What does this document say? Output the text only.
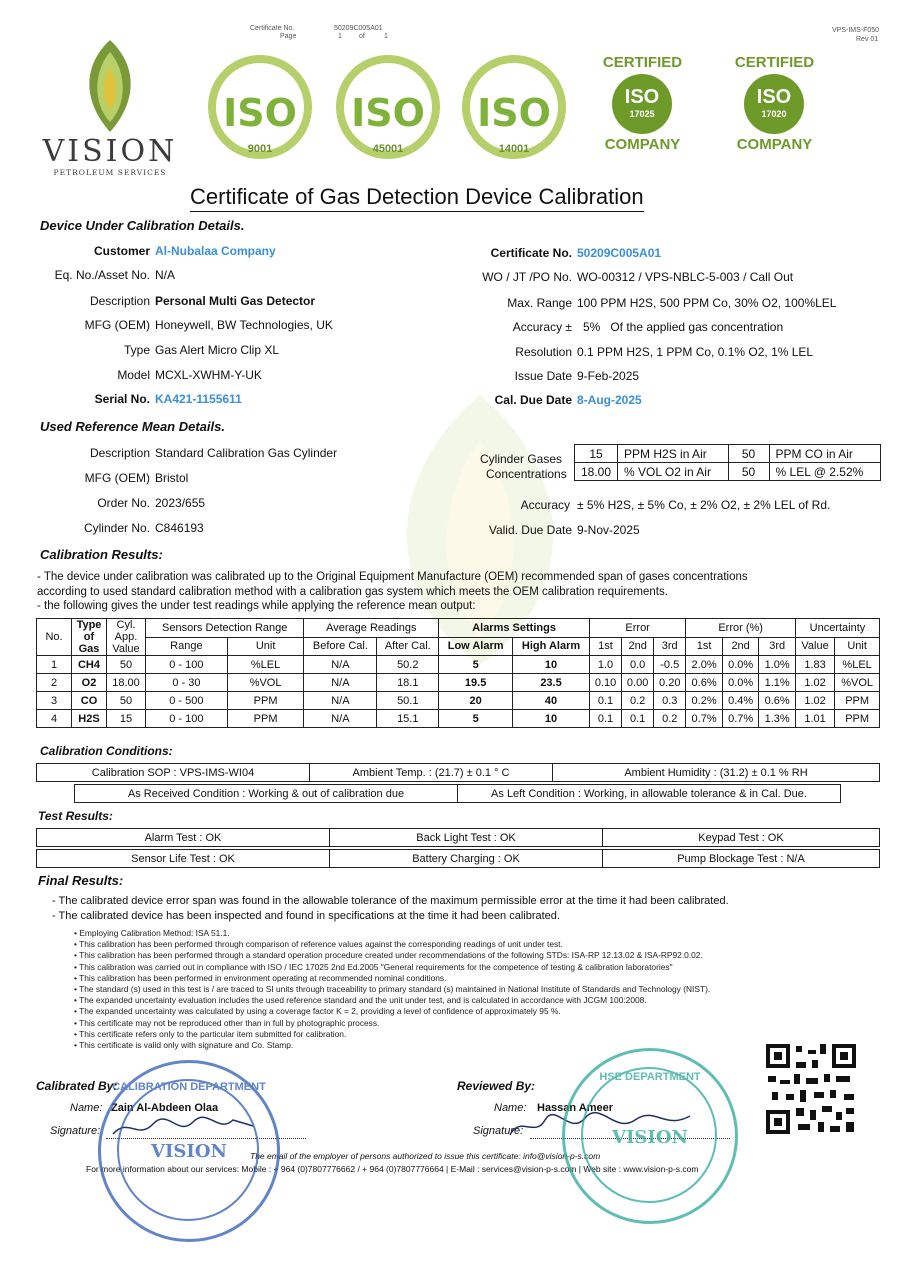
Certificate No.	50209C005A01
Page	1 of	1
VPS-IMS-F050
Rev 01
VISION
PETROLEUM SERVICES
ISO
9001
ISO
45001
ISO
14001
CERTIFIED
ISO
17025
COMPANY
CERTIFIED
ISO
17020
COMPANY
Certificate of Gas Detection Device Calibration
Device Under Calibration Details.
Customer Al-Nubalaa Company
Eq. No./Asset No. N/A
Description Personal Multi Gas Detector
MFG (OEM) Honeywell, BW Technologies, UK
Type Gas Alert Micro Clip XL
Model MCXL-XWHM-Y-UK
Serial No. KA421-1155611
Certificate No. 50209C005A01
WO / JT /PO No. WO-00312 / VPS-NBLC-5-003 / Call Out
Max. Range 100 PPM H2S, 500 PPM Co, 30% O2, 100%LEL
Accuracy ± 5%   Of the applied gas concentration
Resolution 0.1 PPM H2S, 1 PPM Co, 0.1% O2, 1% LEL
Issue Date 9-Feb-2025
Cal. Due Date 8-Aug-2025
Used Reference Mean Details.
Description Standard Calibration Gas Cylinder
MFG (OEM) Bristol
Order No. 2023/655
Cylinder No. C846193
Cylinder Gases
Concentrations
15	PPM H2S in Air	50	PPM CO in Air
18.00	% VOL O2 in Air	50	% LEL @ 2.52%
Accuracy ± 5% H2S, ± 5% Co, ± 2% O2, ± 2% LEL of Rd.
Valid. Due Date 9-Nov-2025
Calibration Results:
- The device under calibration was calibrated up to the Original Equipment Manufacture (OEM) recommended span of gases concentrations
according to used standard calibration method with a calibration gas system which meets the OEM calibration requirements.
- the following gives the under test readings while applying the reference mean output:
No.	Type of Gas	Cyl. App. Value	Sensors Detection Range		Average Readings		Alarms Settings		Error			Error (%)			Uncertainty	
			Range	Unit	Before Cal.	After Cal.	Low Alarm	High Alarm	1st	2nd	3rd	1st	2nd	3rd	Value	Unit
1	CH4	50	0 - 100	%LEL	N/A	50.2	5	10	1.0	0.0	-0.5	2.0%	0.0%	1.0%	1.83	%LEL
2	O2	18.00	0 - 30	%VOL	N/A	18.1	19.5	23.5	0.10	0.00	0.20	0.6%	0.0%	1.1%	1.02	%VOL
3	CO	50	0 - 500	PPM	N/A	50.1	20	40	0.1	0.2	0.3	0.2%	0.4%	0.6%	1.02	PPM
4	H2S	15	0 - 100	PPM	N/A	15.1	5	10	0.1	0.1	0.2	0.7%	0.7%	1.3%	1.01	PPM
Calibration Conditions:
Calibration SOP : VPS-IMS-WI04	Ambient Temp. : (21.7) ± 0.1 ° C	Ambient Humidity : (31.2) ± 0.1 % RH
As Received Condition : Working & out of calibration due	As Left Condition : Working, in allowable tolerance & in Cal. Due.
Test Results:
Alarm Test : OK	Back Light Test : OK	Keypad Test : OK
Sensor Life Test : OK	Battery Charging : OK	Pump Blockage Test : N/A
Final Results:
- The calibrated device error span was found in the allowable tolerance of the maximum permissible error at the time it had been calibrated.
- The calibrated device has been inspected and found in specifications at the time it had been calibrated.
• Employing Calibration Method: ISA 51.1.
• This calibration has been performed through comparison of reference values against the corresponding readings of unit under test.
• This calibration has been performed through a standard operation procedure created under recommendations of the following STDs: ISA-RP 12.13.02 & ISA-RP92.0.02.
• This calibration was carried out in compliance with ISO / IEC 17025 2nd Ed.2005 "General requirements for the competence of testing & calibration laboratories"
• This calibration has been performed in environment operating at recommended nominal conditions.
• The standard (s) used in this test is / are traced to SI units through traceability to primary standard (s) maintained in National Institute of Standards and Technology (NIST).
• The expanded uncertainty evaluation includes the used reference standard and the unit under test, and is calculated in accordance with JCGM 100:2008.
• The expanded uncertainty was calculated by using a coverage factor K = 2, providing a level of confidence of approximately 95 %.
• This certificate may not be reproduced other than in full by photographic process.
• This certificate refers only to the particular item submitted for calibration.
• This certificate is valid only with signature and Co. Stamp.
Calibrated By:
Name: Zain Al-Abdeen Olaa
Signature:
Reviewed By:
Name: Hassan Ameer
Signature:
The email of the employer of persons authorized to issue this certificate: info@vision-p-s.com
For more information about our services: Mobile : + 964 (0)7807776662 / + 964 (0)7807776664 | E-Mail : services@vision-p-s.com | Web site : www.vision-p-s.com
CALIBRATION DEPARTMENT
VISION
HSE DEPARTMENT
VISION
